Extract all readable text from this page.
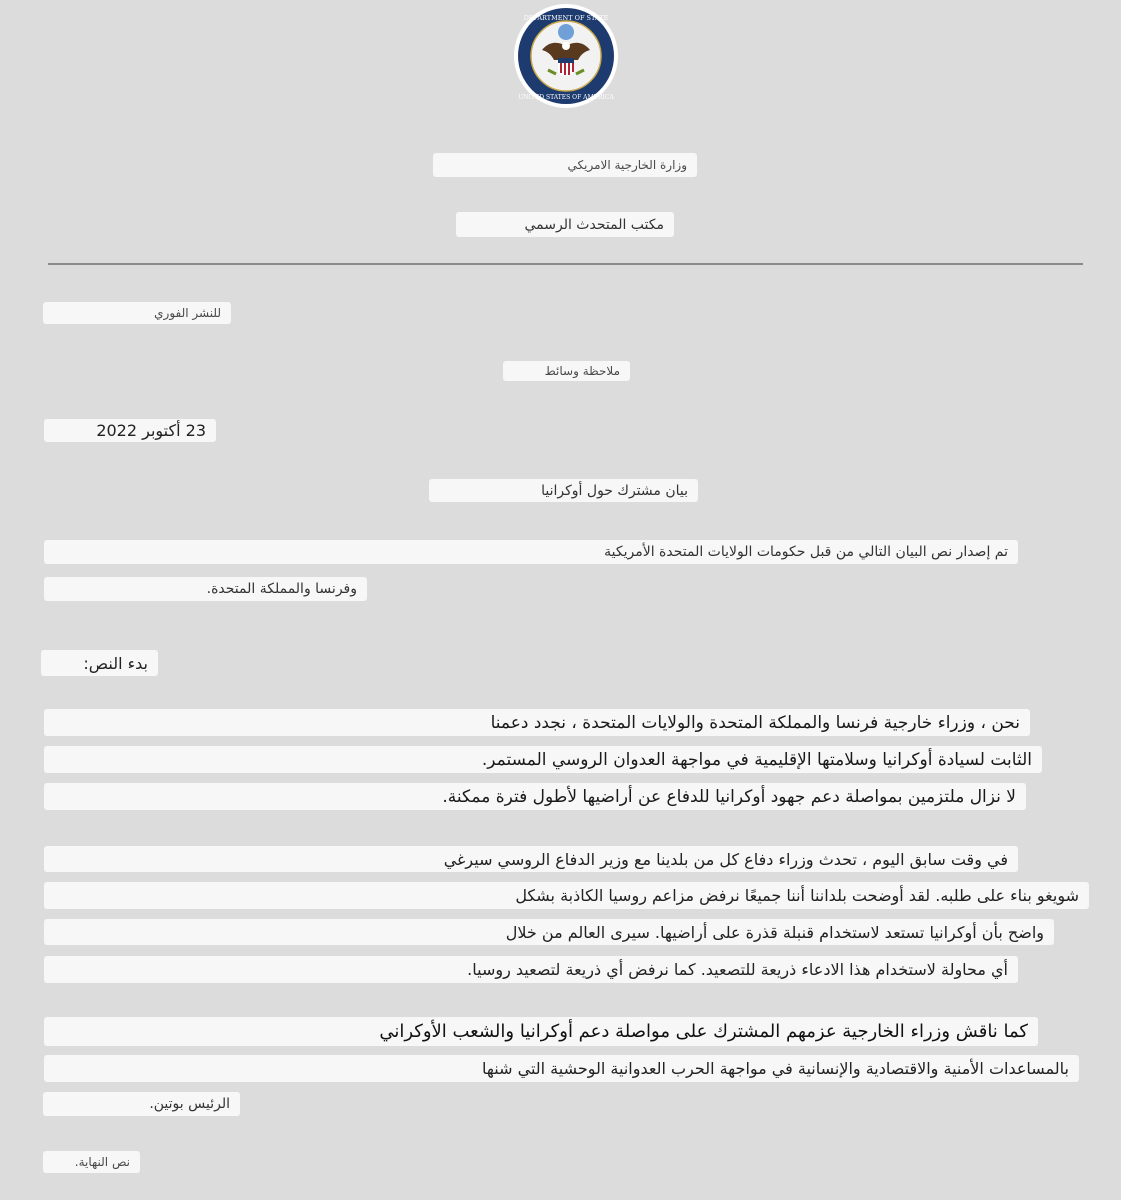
DEPARTMENT OF STATE
UNITED STATES OF AMERICA
وزارة الخارجية الامريكي
مكتب المتحدث الرسمي
للنشر الفوري
ملاحظة وسائط
23 أكتوبر 2022
بيان مشترك حول أوكرانيا
تم إصدار نص البيان التالي من قبل حكومات الولايات المتحدة الأمريكية
وفرنسا والمملكة المتحدة.
بدء النص:
نحن ، وزراء خارجية فرنسا والمملكة المتحدة والولايات المتحدة ، نجدد دعمنا
الثابت لسيادة أوكرانيا وسلامتها الإقليمية في مواجهة العدوان الروسي المستمر.
لا نزال ملتزمين بمواصلة دعم جهود أوكرانيا للدفاع عن أراضيها لأطول فترة ممكنة.
في وقت سابق اليوم ، تحدث وزراء دفاع كل من بلدينا مع وزير الدفاع الروسي سيرغي
شويغو بناء على طلبه. لقد أوضحت بلداننا أننا جميعًا نرفض مزاعم روسيا الكاذبة بشكل
واضح بأن أوكرانيا تستعد لاستخدام قنبلة قذرة على أراضيها. سيرى العالم من خلال
أي محاولة لاستخدام هذا الادعاء ذريعة للتصعيد. كما نرفض أي ذريعة لتصعيد روسيا.
كما ناقش وزراء الخارجية عزمهم المشترك على مواصلة دعم أوكرانيا والشعب الأوكراني
بالمساعدات الأمنية والاقتصادية والإنسانية في مواجهة الحرب العدوانية الوحشية التي شنها
الرئيس بوتين.
نص النهاية.
